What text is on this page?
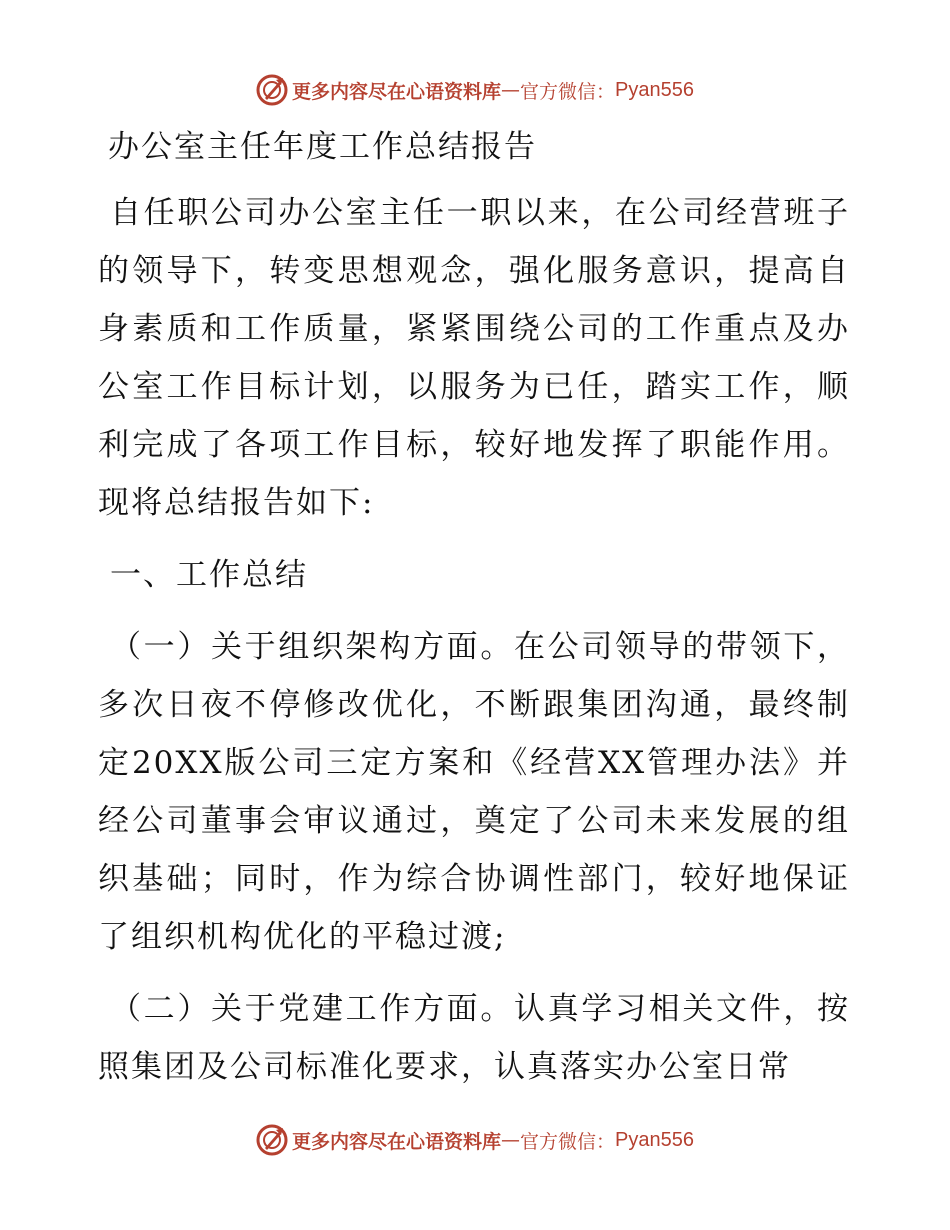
更多内容尽在心语资料库 — 官方微信： Pyan556
办公室主任年度工作总结报告

自任职公司办公室主任一职以来，在公司经营班子的领导下，转变思想观念，强化服务意识，提高自身素质和工作质量，紧紧围绕公司的工作重点及办公室工作目标计划，以服务为已任，踏实工作，顺利完成了各项工作目标，较好地发挥了职能作用。现将总结报告如下:

一、工作总结

（一）关于组织架构方面。在公司领导的带领下，多次日夜不停修改优化，不断跟集团沟通，最终制定20XX版公司三定方案和《经营XX管理办法》并经公司董事会审议通过，奠定了公司未来发展的组织基础；同时，作为综合协调性部门，较好地保证了组织机构优化的平稳过渡;

（二）关于党建工作方面。认真学习相关文件，按照集团及公司标准化要求，认真落实办公室日常

更多内容尽在心语资料库 — 官方微信： Pyan556
